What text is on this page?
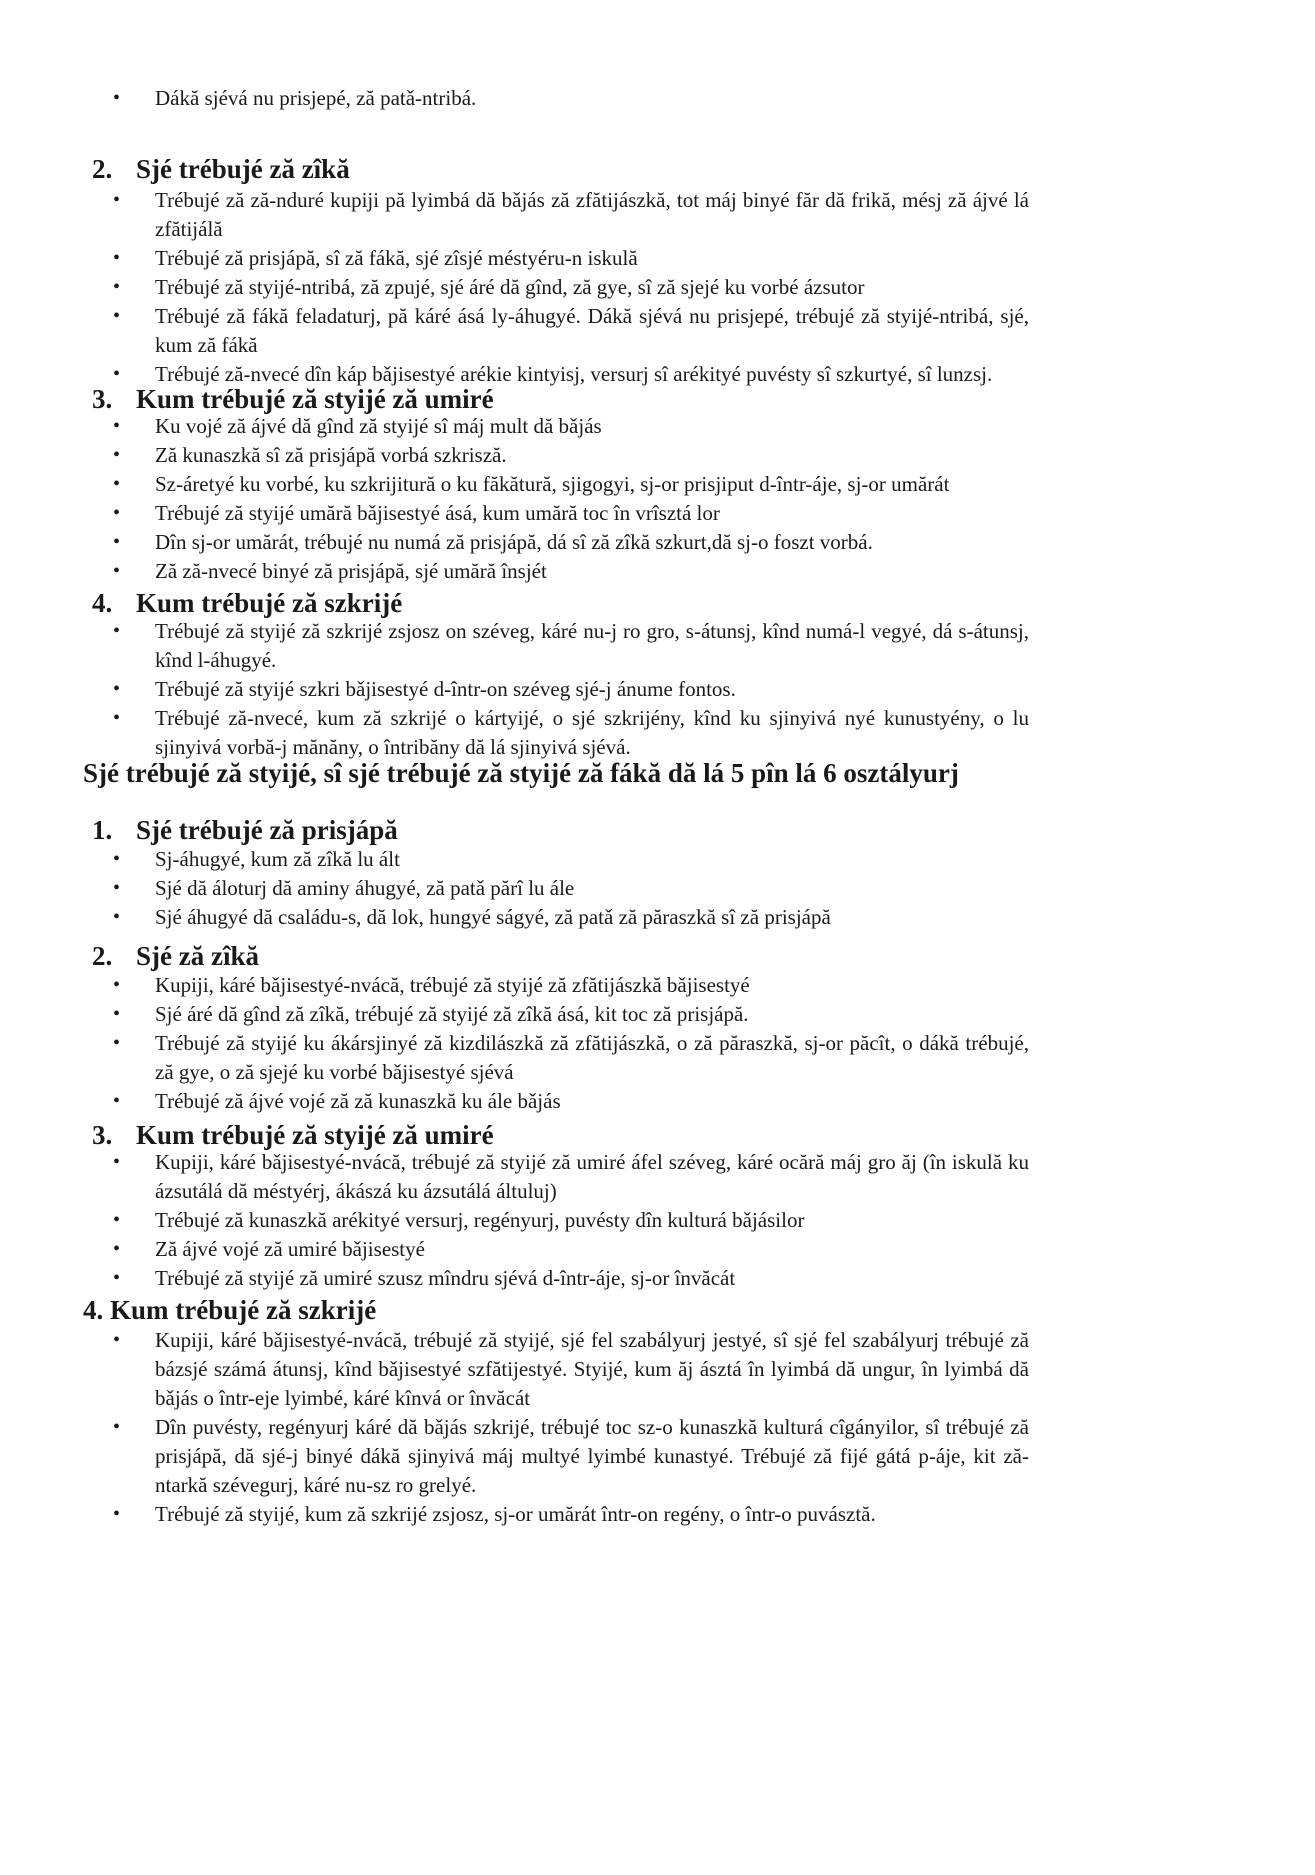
• Dákă sjévá nu prisjepé, ză patǎ-ntribá.
2. Sjé trébujé ză zîkă
• Trébujé ză ză-nduré kupiji pă lyimbá dă bǎjás ză zfătijászkă, tot máj binyé făr dă frikă, mésj ză ájvé lá zfătijálă
• Trébujé ză prisjápă, sî ză fákă, sjé zîsjé méstyéru-n iskulă
• Trébujé ză styijé-ntribá, ză zpujé, sjé áré dă gînd, ză gye, sî ză sjejé ku vorbé ázsutor
• Trébujé ză fákă feladaturj, pă káré ásá ly-áhugyé. Dákă sjévá nu prisjepé, trébujé ză styijé-ntribá, sjé, kum ză fákă
• Trébujé ză-nvecé dîn káp bǎjisestyé arékie kintyisj, versurj sî arékityé puvésty sî szkurtyé, sî lunzsj.
3. Kum trébujé ză styijé ză umiré
• Ku vojé ză ájvé dă gînd ză styijé sî máj mult dă bǎjás
• Ză kunaszkă sî ză prisjápă vorbá szkrisză.
• Sz-áretyé ku vorbé, ku szkrijitură o ku făkătură, sjigogyi, sj-or prisjiput d-într-áje, sj-or umărát
• Trébujé ză styijé umără bǎjisestyé ásá, kum umără toc în vrîsztá lor
• Dîn sj-or umărát, trébujé nu numá ză prisjápă, dá sî ză zîkă szkurt,dă sj-o foszt vorbá.
• Ză ză-nvecé binyé ză prisjápă, sjé umără însjét
4. Kum trébujé ză szkrijé
• Trébujé ză styijé ză szkrijé zsjosz on széveg, káré nu-j ro gro, s-átunsj, kînd numá-l vegyé, dá s-átunsj, kînd l-áhugyé.
• Trébujé ză styijé szkri bǎjisestyé d-într-on széveg sjé-j ánume fontos.
• Trébujé ză-nvecé, kum ză szkrijé o kártyijé, o sjé szkrijény, kînd ku sjinyivá nyé kunustyény, o lu sjinyivá vorbă-j mănăny, o întribăny dă lá sjinyivá sjévá.
Sjé trébujé ză styijé, sî sjé trébujé ză styijé ză fákă dă lá 5 pîn lá 6 osztályurj
1. Sjé trébujé ză prisjápă
• Sj-áhugyé, kum ză zîkă lu ált
• Sjé dă áloturj dă aminy áhugyé, ză patǎ părî lu ále
• Sjé áhugyé dă családu-s, dă lok, hungyé ságyé, ză patǎ ză păraszkă sî ză prisjápă
2. Sjé ză zîkă
• Kupiji, káré bǎjisestyé-nvácă, trébujé ză styijé ză zfătijászkă bǎjisestyé
• Sjé áré dă gînd ză zîkă, trébujé ză styijé ză zîkă ásá, kit toc ză prisjápă.
• Trébujé ză styijé ku ákársjinyé ză kizdilászkă ză zfătijászkă, o ză păraszkă, sj-or păcît, o dákă trébujé, ză gye, o ză sjejé ku vorbé bǎjisestyé sjévá
• Trébujé ză ájvé vojé ză ză kunaszkă ku ále bǎjás
3. Kum trébujé ză styijé ză umiré
• Kupiji, káré bǎjisestyé-nvácă, trébujé ză styijé ză umiré áfel széveg, káré ocără máj gro ăj (în iskulă ku ázsutálá dă méstyérj, ákászá ku ázsutálá áltuluj)
• Trébujé ză kunaszkă arékityé versurj, regényurj, puvésty dîn kulturá bǎjásilor
• Ză ájvé vojé ză umiré bǎjisestyé
• Trébujé ză styijé ză umiré szusz mîndru sjévá d-într-áje, sj-or învăcát
4. Kum trébujé ză szkrijé
• Kupiji, káré bǎjisestyé-nvácă, trébujé ză styijé, sjé fel szabályurj jestyé, sî sjé fel szabályurj trébujé ză bázsjé számá átunsj, kînd bǎjisestyé szfătijestyé. Styijé, kum ăj ásztá în lyimbá dă ungur, în lyimbá dă bǎjás o într-eje lyimbé, káré kînvá or învăcát
• Dîn puvésty, regényurj káré dă bǎjás szkrijé, trébujé toc sz-o kunaszkă kulturá cîgányilor, sî trébujé ză prisjápă, dă sjé-j binyé dákă sjinyivá máj multyé lyimbé kunastyé. Trébujé ză fijé gátá p-áje, kit ză-ntarkă szévegurj, káré nu-sz ro grelyé.
• Trébujé ză styijé, kum ză szkrijé zsjosz, sj-or umărát într-on regény, o într-o puvásztă.
